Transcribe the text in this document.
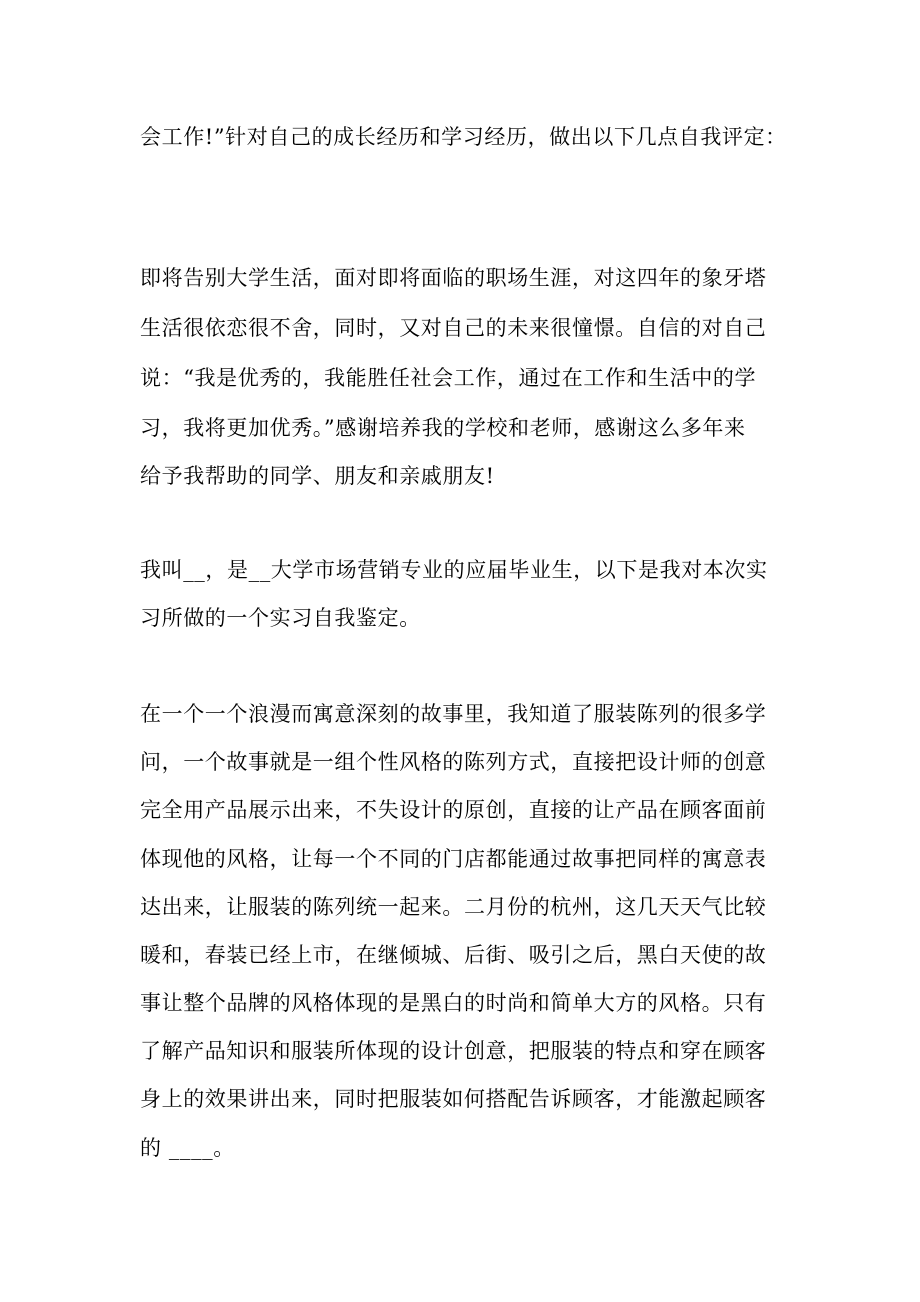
会工作!”针对自己的成长经历和学习经历，做出以下几点自我评定：
即将告别大学生活，面对即将面临的职场生涯，对这四年的象牙塔
生活很依恋很不舍，同时，又对自己的未来很憧憬。自信的对自己
说：“我是优秀的，我能胜任社会工作，通过在工作和生活中的学
习，我将更加优秀。”感谢培养我的学校和老师，感谢这么多年来
给予我帮助的同学、朋友和亲戚朋友!
我叫__，是__大学市场营销专业的应届毕业生，以下是我对本次实
习所做的一个实习自我鉴定。
在一个一个浪漫而寓意深刻的故事里，我知道了服装陈列的很多学
问，一个故事就是一组个性风格的陈列方式，直接把设计师的创意
完全用产品展示出来，不失设计的原创，直接的让产品在顾客面前
体现他的风格，让每一个不同的门店都能通过故事把同样的寓意表
达出来，让服装的陈列统一起来。二月份的杭州，这几天天气比较
暖和，春装已经上市，在继倾城、后街、吸引之后，黑白天使的故
事让整个品牌的风格体现的是黑白的时尚和简单大方的风格。只有
了解产品知识和服装所体现的设计创意，把服装的特点和穿在顾客
身上的效果讲出来，同时把服装如何搭配告诉顾客，才能激起顾客
的 ____。
